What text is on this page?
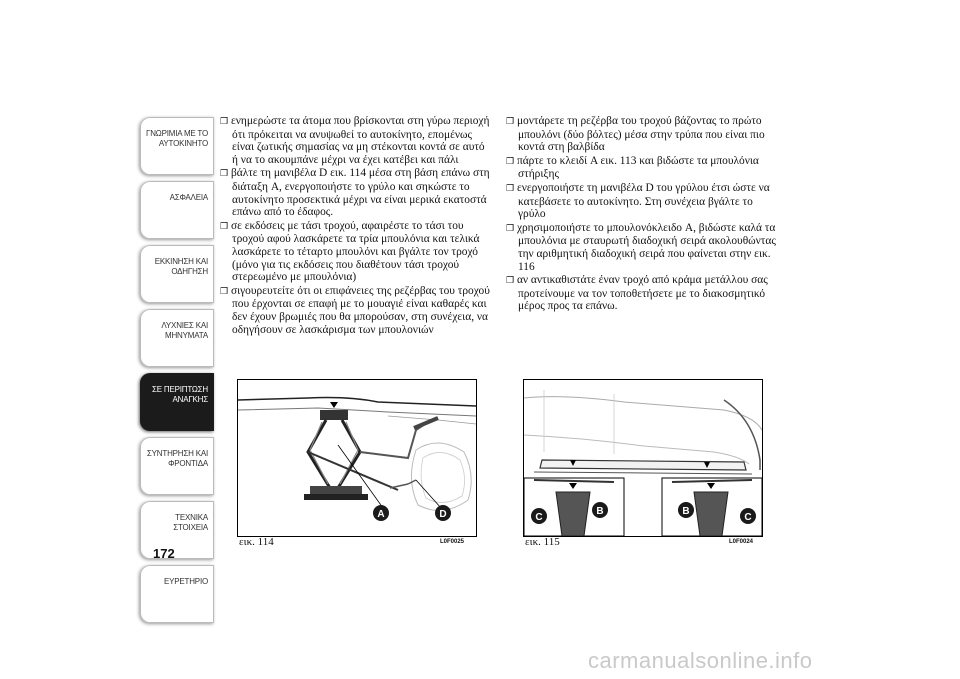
ΓΝΩΡΙΜΙΑ ΜΕ ΤΟ ΑΥΤΟΚΙΝΗΤΟ
ΑΣΦΑΛΕΙΑ
ΕΚΚΙΝΗΣΗ ΚΑΙ ΟΔΗΓΗΣΗ
ΛΥΧΝΙΕΣ ΚΑΙ ΜΗΝΥΜΑΤΑ
ΣΕ ΠΕΡΙΠΤΩΣΗ ΑΝΑΓΚΗΣ
ΣΥΝΤΗΡΗΣΗ ΚΑΙ ΦΡΟΝΤΙΔΑ
ΤΕΧΝΙΚΑ ΣΤΟΙΧΕΙΑ
ΕΥΡΕΤΗΡΙΟ
172

❒ ενημερώστε τα άτομα που βρίσκονται στη γύρω περιοχή ότι πρόκειται να ανυψωθεί το αυτοκίνητο, επομένως είναι ζωτικής σημασίας να μη στέκονται κοντά σε αυτό ή να το ακουμπάνε μέχρι να έχει κατέβει και πάλι

❒ βάλτε τη μανιβέλα D εικ. 114 μέσα στη βάση επάνω στη διάταξη A, ενεργοποιήστε το γρύλο και σηκώστε το αυτοκίνητο προσεκτικά μέχρι να είναι μερικά εκατοστά επάνω από το έδαφος.

❒ σε εκδόσεις με τάσι τροχού, αφαιρέστε το τάσι του τροχού αφού λασκάρετε τα τρία μπουλόνια και τελικά λασκάρετε το τέταρτο μπουλόνι και βγάλτε τον τροχό (μόνο για τις εκδόσεις που διαθέτουν τάσι τροχού στερεωμένο με μπουλόνια)

❒ σιγουρευτείτε ότι οι επιφάνειες της ρεζέρβας του τροχού που έρχονται σε επαφή με το μουαγιέ είναι καθαρές και δεν έχουν βρωμιές που θα μπορούσαν, στη συνέχεια, να οδηγήσουν σε λασκάρισμα των μπουλονιών

❒ μοντάρετε τη ρεζέρβα του τροχού βάζοντας το πρώτο μπουλόνι (δύο βόλτες) μέσα στην τρύπα που είναι πιο κοντά στη βαλβίδα

❒ πάρτε το κλειδί A εικ. 113 και βιδώστε τα μπουλόνια στήριξης

❒ ενεργοποιήστε τη μανιβέλα D του γρύλου έτσι ώστε να κατεβάσετε το αυτοκίνητο. Στη συνέχεια βγάλτε το γρύλο

❒ χρησιμοποιήστε το μπουλονόκλειδο A, βιδώστε καλά τα μπουλόνια με σταυρωτή διαδοχική σειρά ακολουθώντας την αριθμητική διαδοχική σειρά που φαίνεται στην εικ. 116

❒ αν αντικαθιστάτε έναν τροχό από κράμα μετάλλου σας προτείνουμε να τον τοποθετήσετε με το διακοσμητικό μέρος προς τα επάνω.

A	D
εικ. 114	L0F0025
C
B	B
C
εικ. 115	L0F0024
carmanualsonline.info
